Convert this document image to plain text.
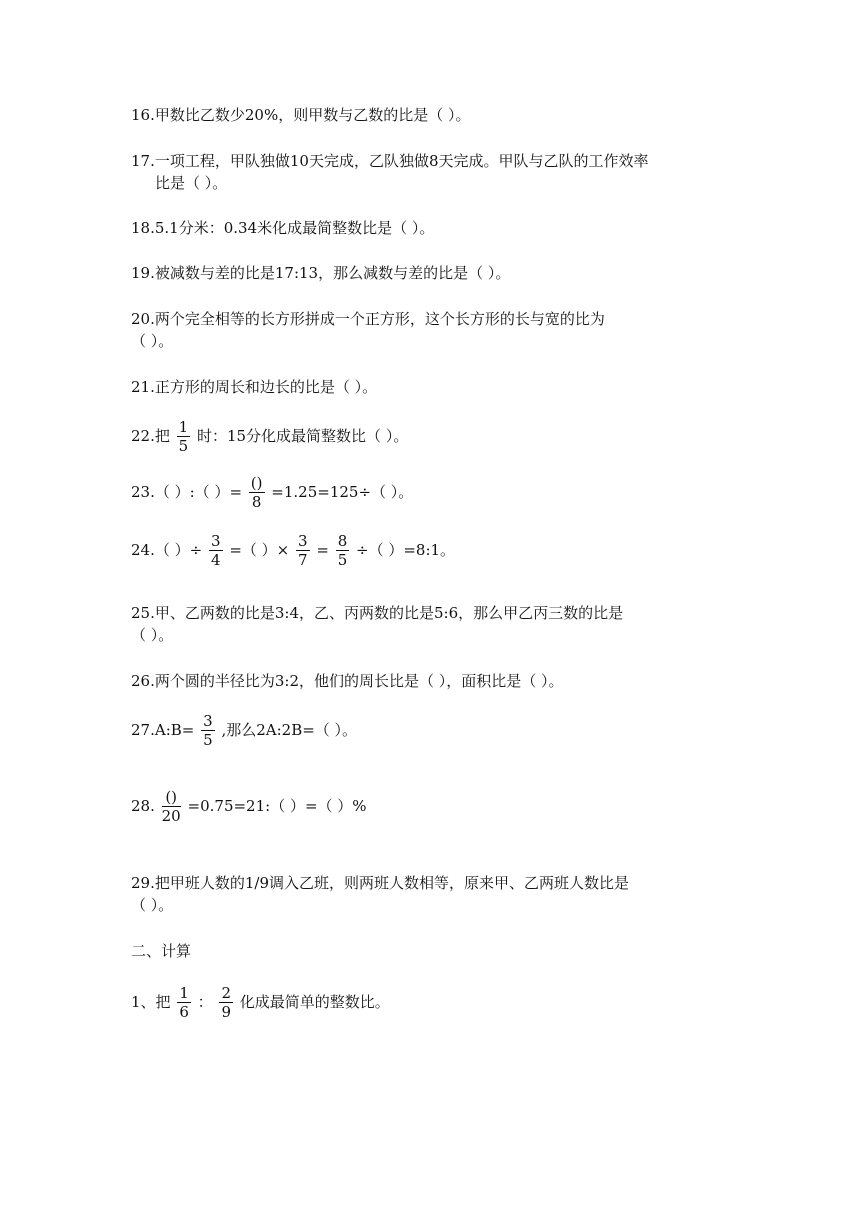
16.甲数比乙数少20%，则甲数与乙数的比是（ ）。
17.一项工程，甲队独做10天完成，乙队独做8天完成。甲队与乙队的工作效率
比是（ ）。
18.5.1分米：0.34米化成最简整数比是（ ）。
19.被减数与差的比是17:13，那么减数与差的比是（ ）。
20.两个完全相等的长方形拼成一个正方形，这个长方形的长与宽的比为
（ ）。
21.正方形的周长和边长的比是（ ）。
22.把 $\frac{1}{5}$ 时：15分化成最简整数比（ ）。
23.（ ）:（ ）= $\frac{()}{8} =1.25=125\div$（ ）。
24.（ ）÷ $\frac{3}{4}$ =（ ）× $\frac{3}{7} = \frac{8}{5}$ ÷（ ）=8:1。
25.甲、乙两数的比是3:4，乙、丙两数的比是5:6，那么甲乙丙三数的比是
（ ）。
26.两个圆的半径比为3:2，他们的周长比是（ ），面积比是（ ）。
27.A:B= $\frac{3}{5}$ ,那么2A:2B=（ ）。
28. $\frac{()}{20}$ =0.75=21:（ ）=（ ）%
29.把甲班人数的1/9调入乙班，则两班人数相等，原来甲、乙两班人数比是
（ ）。
二、计算
1、把 $\frac{1}{6}$ ： $\frac{2}{9}$ 化成最简单的整数比。
